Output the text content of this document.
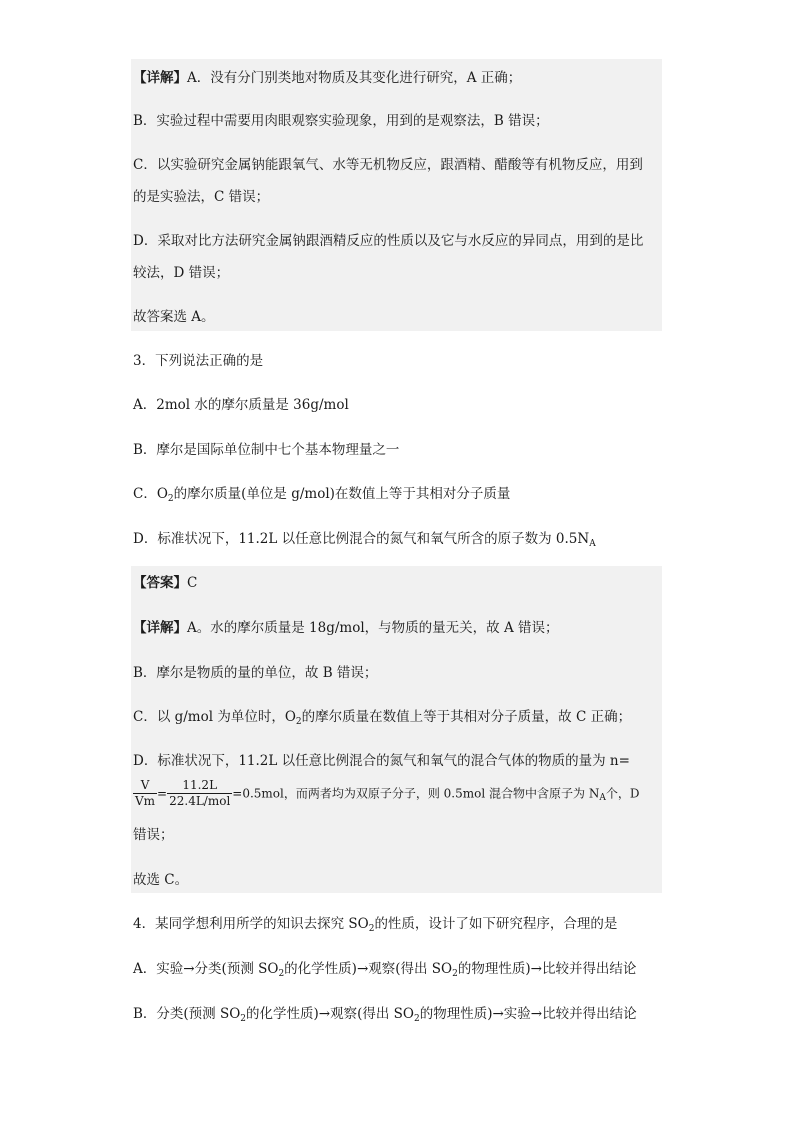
【详解】A．没有分门别类地对物质及其变化进行研究，A 正确；
B．实验过程中需要用肉眼观察实验现象，用到的是观察法，B 错误；
C．以实验研究金属钠能跟氧气、水等无机物反应，跟酒精、醋酸等有机物反应，用到
的是实验法，C 错误；
D．采取对比方法研究金属钠跟酒精反应的性质以及它与水反应的异同点，用到的是比
较法，D 错误；
故答案选 A。
3．下列说法正确的是
A．2mol 水的摩尔质量是 36g/mol
B．摩尔是国际单位制中七个基本物理量之一
C．$O_2$的摩尔质量(单位是 g/mol)在数值上等于其相对分子质量
D．标准状况下，11.2L 以任意比例混合的氮气和氧气所含的原子数为 $0.5N_A$
【答案】C
【详解】A。水的摩尔质量是 18g/mol，与物质的量无关，故 A 错误；
B．摩尔是物质的量的单位，故 B 错误；
C．以 g/mol 为单位时，$O_2$的摩尔质量在数值上等于其相对分子质量，故 C 正确；
D．标准状况下，11.2L 以任意比例混合的氮气和氧气的混合气体的物质的量为 n=
$\frac{V}{Vm} = \frac{11.2L}{\text{22.4L/mol}} =0.5mol$，而两者均为双原子分子，则 0.5mol 混合物中含原子为 $N_A$个，D
错误；
故选 C。
4．某同学想利用所学的知识去探究 $SO_2$的性质，设计了如下研究程序，合理的是
A．实验→分类(预测 $SO_2$的化学性质)→观察(得出 $SO_2$的物理性质)→比较并得出结论
B．分类(预测 $SO_2$的化学性质)→观察(得出 $SO_2$的物理性质)→实验→比较并得出结论
